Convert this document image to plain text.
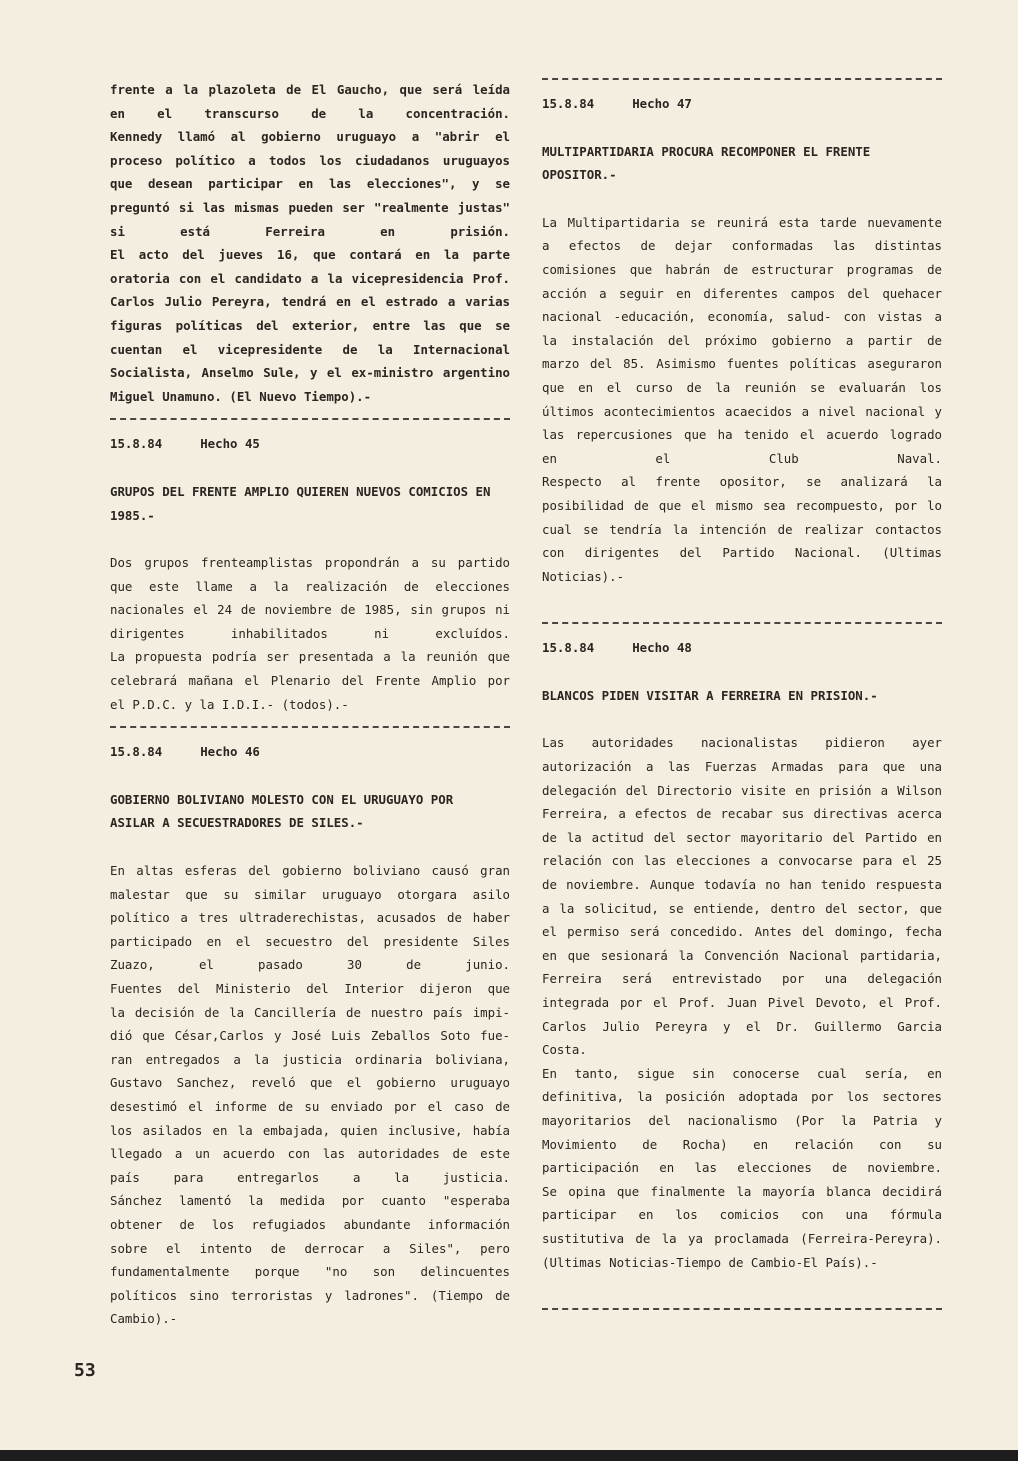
frente a la plazoleta de El Gaucho, que será leída
en el transcurso de la concentración.
Kennedy llamó al gobierno uruguayo a "abrir el
proceso político a todos los ciudadanos uruguayos
que desean participar en las elecciones", y se
preguntó si las mismas pueden ser "realmente justas"
si está Ferreira en prisión.
El acto del jueves 16, que contará en la parte
oratoria con el candidato a la vicepresidencia Prof.
Carlos Julio Pereyra, tendrá en el estrado a varias
figuras políticas del exterior, entre las que se
cuentan el vicepresidente de la Internacional
Socialista, Anselmo Sule, y el ex-ministro argentino
Miguel Unamuno. (El Nuevo Tiempo).-
15.8.84	Hecho 45
GRUPOS DEL FRENTE AMPLIO QUIEREN NUEVOS COMICIOS EN
1985.-
Dos grupos frenteamplistas propondrán a su partido
que este llame a la realización de elecciones
nacionales el 24 de noviembre de 1985, sin grupos ni
dirigentes inhabilitados ni excluídos.
La propuesta podría ser presentada a la reunión que
celebrará mañana el Plenario del Frente Amplio por
el P.D.C. y la I.D.I.- (todos).-
15.8.84	Hecho 46
GOBIERNO BOLIVIANO MOLESTO CON EL URUGUAYO POR
ASILAR A SECUESTRADORES DE SILES.-
En altas esferas del gobierno boliviano causó gran
malestar que su similar uruguayo otorgara asilo
político a tres ultraderechistas, acusados de haber
participado en el secuestro del presidente Siles
Zuazo, el pasado 30 de junio.
Fuentes del Ministerio del Interior dijeron que
la decisión de la Cancillería de nuestro país impi-
dió que César,Carlos y José Luis Zeballos Soto fue-
ran entregados a la justicia ordinaria boliviana,
Gustavo Sanchez, reveló que el gobierno uruguayo
desestimó el informe de su enviado por el caso de
los asilados en la embajada, quien inclusive, había
llegado a un acuerdo con las autoridades de este
país para entregarlos a la justicia.
Sánchez lamentó la medida por cuanto "esperaba
obtener de los refugiados abundante información
sobre el intento de derrocar a Siles", pero
fundamentalmente porque "no son delincuentes
políticos sino terroristas y ladrones". (Tiempo de
Cambio).-
15.8.84	Hecho 47
MULTIPARTIDARIA PROCURA RECOMPONER EL FRENTE
OPOSITOR.-
La Multipartidaria se reunirá esta tarde nuevamente
a efectos de dejar conformadas las distintas
comisiones que habrán de estructurar programas de
acción a seguir en diferentes campos del quehacer
nacional -educación, economía, salud- con vistas a
la instalación del próximo gobierno a partir de
marzo del 85. Asimismo fuentes políticas aseguraron
que en el curso de la reunión se evaluarán los
últimos acontecimientos acaecidos a nivel nacional y
las repercusiones que ha tenido el acuerdo logrado
en el Club Naval.
Respecto al frente opositor, se analizará la
posibilidad de que el mismo sea recompuesto, por lo
cual se tendría la intención de realizar contactos
con dirigentes del Partido Nacional. (Ultimas
Noticias).-
15.8.84	Hecho 48
BLANCOS PIDEN VISITAR A FERREIRA EN PRISION.-
Las autoridades nacionalistas pidieron ayer
autorización a las Fuerzas Armadas para que una
delegación del Directorio visite en prisión a Wilson
Ferreira, a efectos de recabar sus directivas acerca
de la actitud del sector mayoritario del Partido en
relación con las elecciones a convocarse para el 25
de noviembre. Aunque todavía no han tenido respuesta
a la solicitud, se entiende, dentro del sector, que
el permiso será concedido. Antes del domingo, fecha
en que sesionará la Convención Nacional partidaria,
Ferreira será entrevistado por una delegación
integrada por el Prof. Juan Pivel Devoto, el Prof.
Carlos Julio Pereyra y el Dr. Guillermo Garcia
Costa.
En tanto, sigue sin conocerse cual sería, en
definitiva, la posición adoptada por los sectores
mayoritarios del nacionalismo (Por la Patria y
Movimiento de Rocha) en relación con su
participación en las elecciones de noviembre.
Se opina que finalmente la mayoría blanca decidirá
participar en los comicios con una fórmula
sustitutiva de la ya proclamada (Ferreira-Pereyra).
(Ultimas Noticias-Tiempo de Cambio-El País).-
53
